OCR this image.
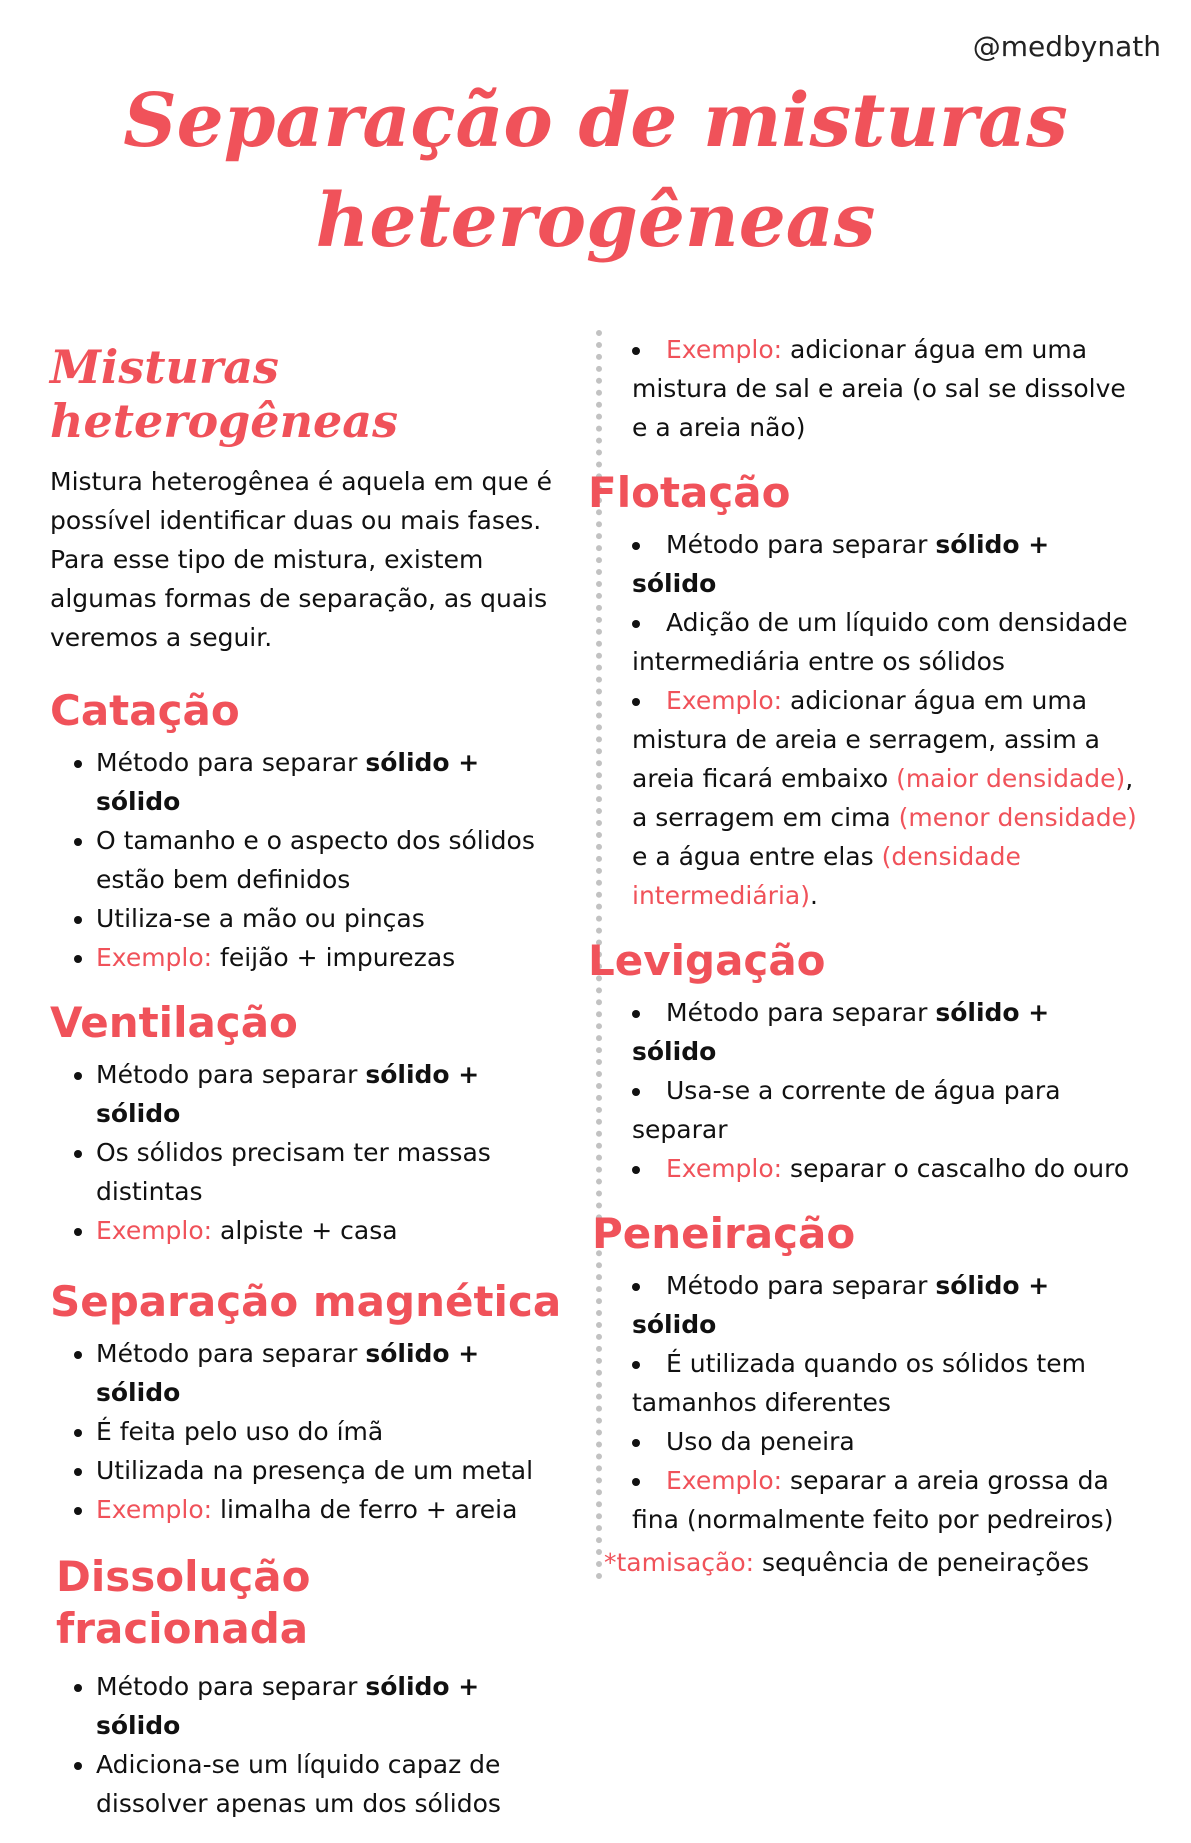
@medbynath
Separação de misturas
heterogêneas
Misturas heterogêneas

Mistura heterogênea é aquela em que é possível identificar duas ou mais fases. Para esse tipo de mistura, existem algumas formas de separação, as quais veremos a seguir.

Catação
• Método para separar sólido + sólido
• O tamanho e o aspecto dos sólidos estão bem definidos
• Utiliza-se a mão ou pinças
• Exemplo: feijão + impurezas
Ventilação
• Método para separar sólido + sólido
• Os sólidos precisam ter massas distintas
• Exemplo: alpiste + casa
Separação magnética
• Método para separar sólido + sólido
• É feita pelo uso do ímã
• Utilizada na presença de um metal
• Exemplo: limalha de ferro + areia
Dissolução fracionada
• Método para separar sólido + sólido
• Adiciona-se um líquido capaz de dissolver apenas um dos sólidos
• Exemplo: adicionar água em uma mistura de sal e areia (o sal se dissolve e a areia não)
Flotação
• Método para separar sólido + sólido
• Adição de um líquido com densidade intermediária entre os sólidos
• Exemplo: adicionar água em uma mistura de areia e serragem, assim a areia ficará embaixo (maior densidade), a serragem em cima (menor densidade) e a água entre elas (densidade intermediária).
Levigação
• Método para separar sólido + sólido
• Usa-se a corrente de água para separar
• Exemplo: separar o cascalho do ouro
Peneiração
• Método para separar sólido + sólido
• É utilizada quando os sólidos tem tamanhos diferentes
• Uso da peneira
• Exemplo: separar a areia grossa da fina (normalmente feito por pedreiros)

*tamisação: sequência de peneirações
